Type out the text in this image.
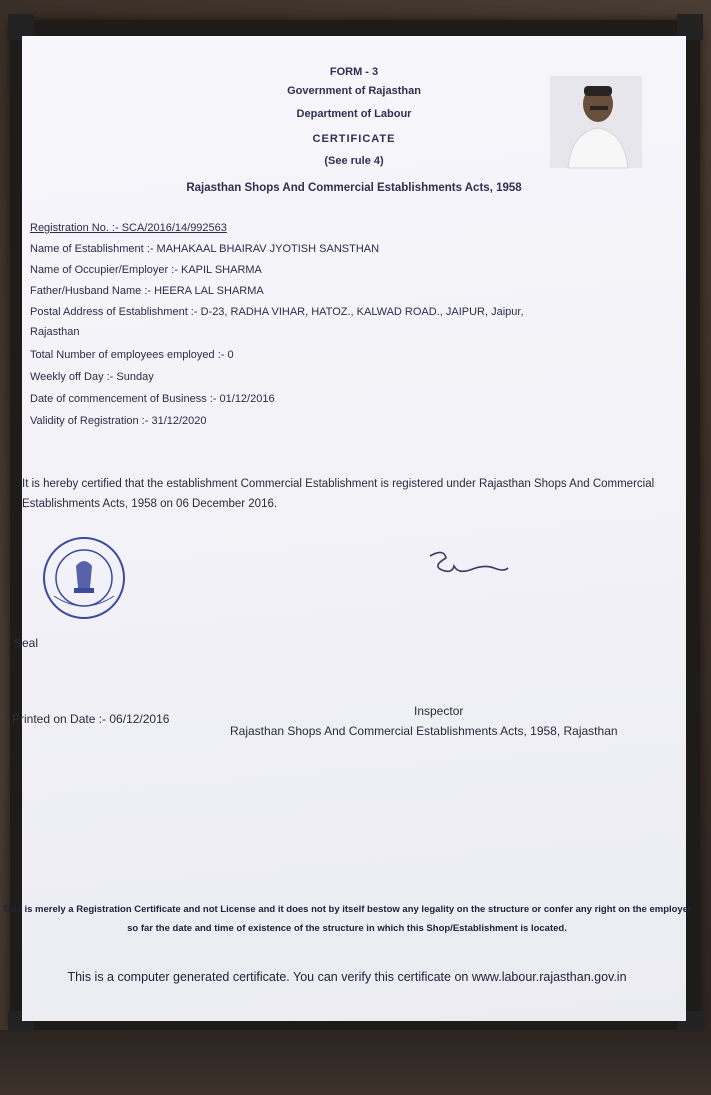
FORM - 3
Government of Rajasthan
Department of Labour
CERTIFICATE
(See rule 4)
Rajasthan Shops And Commercial Establishments Acts, 1958
Registration No. :- SCA/2016/14/992563
Name of Establishment :- MAHAKAAL BHAIRAV JYOTISH SANSTHAN
Name of Occupier/Employer :- KAPIL SHARMA
Father/Husband Name :- HEERA LAL SHARMA
Postal Address of Establishment :- D-23, RADHA VIHAR, HATOZ., KALWAD ROAD., JAIPUR, Jaipur,
Rajasthan
Total Number of employees employed :- 0
Weekly off Day :- Sunday
Date of commencement of Business :- 01/12/2016
Validity of Registration :- 31/12/2020
It is hereby certified that the establishment Commercial Establishment is registered under Rajasthan Shops And Commercial Establishments Acts, 1958 on 06 December 2016.
Seal
Inspector
Printed on Date :- 06/12/2016
Rajasthan Shops And Commercial Establishments Acts, 1958, Rajasthan
This is merely a Registration Certificate and not License and it does not by itself bestow any legality on the structure or confer any right on the employer so far the date and time of existence of the structure in which this Shop/Establishment is located.
This is a computer generated certificate. You can verify this certificate on www.labour.rajasthan.gov.in
